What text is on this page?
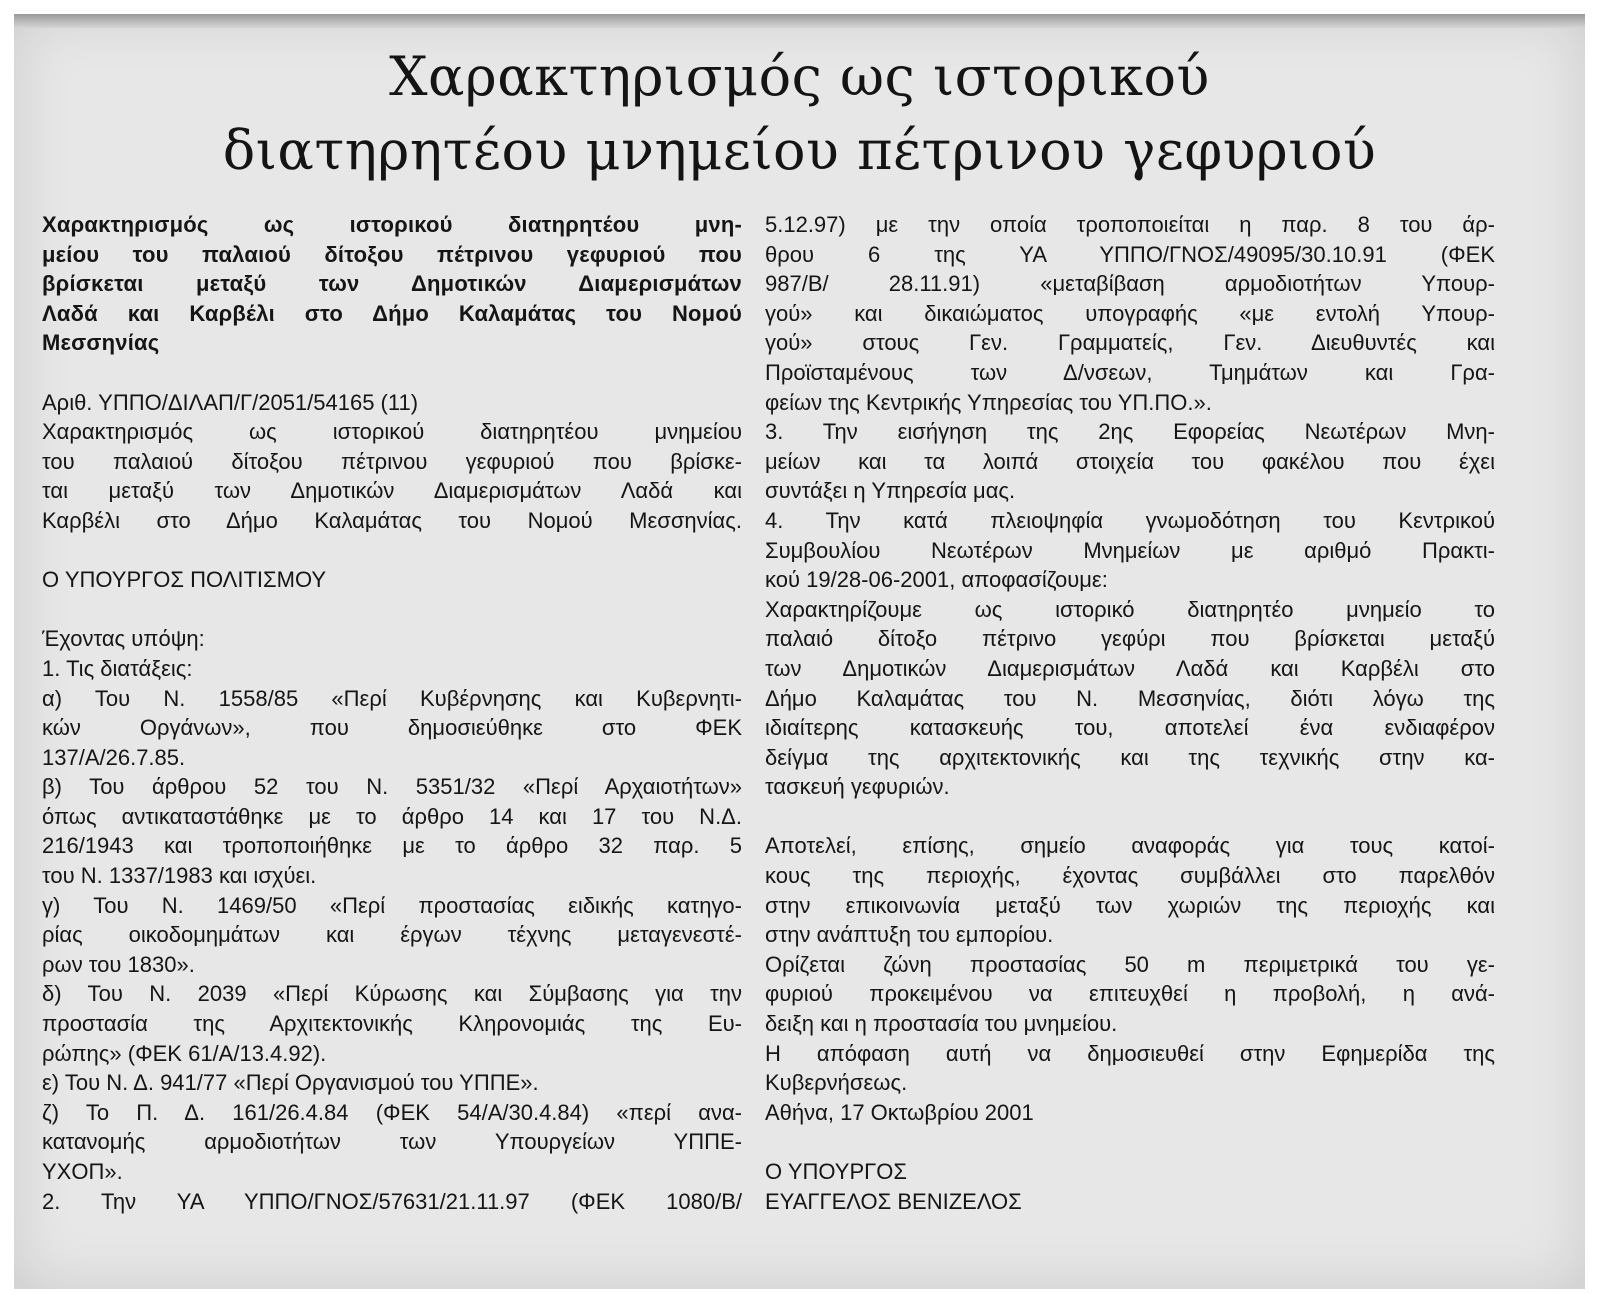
Χαρακτηρισμός ως ιστορικού
διατηρητέου μνημείου πέτρινου γεφυριού
Χαρακτηρισμός ως ιστορικού διατηρητέου μνη-
μείου του παλαιού δίτοξου πέτρινου γεφυριού που
βρίσκεται μεταξύ των Δημοτικών Διαμερισμάτων
Λαδά και Καρβέλι στο Δήμο Καλαμάτας του Νομού
Μεσσηνίας
Αριθ. ΥΠΠΟ/ΔΙΛΑΠ/Γ/2051/54165 (11)
Χαρακτηρισμός ως ιστορικού διατηρητέου μνημείου
του παλαιού δίτοξου πέτρινου γεφυριού που βρίσκε-
ται μεταξύ των Δημοτικών Διαμερισμάτων Λαδά και
Καρβέλι στο Δήμο Καλαμάτας του Νομού Μεσσηνίας.
Ο ΥΠΟΥΡΓΟΣ ΠΟΛΙΤΙΣΜΟΥ
Έχοντας υπόψη:
1. Τις διατάξεις:
α) Του Ν. 1558/85 «Περί Κυβέρνησης και Κυβερνητι-
κών Οργάνων», που δημοσιεύθηκε στο ΦΕΚ
137/Α/26.7.85.
β) Του άρθρου 52 του Ν. 5351/32 «Περί Αρχαιοτήτων»
όπως αντικαταστάθηκε με το άρθρο 14 και 17 του Ν.Δ.
216/1943 και τροποποιήθηκε με το άρθρο 32 παρ. 5
του Ν. 1337/1983 και ισχύει.
γ) Του Ν. 1469/50 «Περί προστασίας ειδικής κατηγο-
ρίας οικοδομημάτων και έργων τέχνης μεταγενεστέ-
ρων του 1830».
δ) Του Ν. 2039 «Περί Κύρωσης και Σύμβασης για την
προστασία της Αρχιτεκτονικής Κληρονομιάς της Ευ-
ρώπης» (ΦΕΚ 61/Α/13.4.92).
ε) Του Ν. Δ. 941/77 «Περί Οργανισμού του ΥΠΠΕ».
ζ) Το Π. Δ. 161/26.4.84 (ΦΕΚ 54/Α/30.4.84) «περί ανα-
κατανομής αρμοδιοτήτων των Υπουργείων ΥΠΠΕ-
ΥΧΟΠ».
2. Την ΥΑ ΥΠΠΟ/ΓΝΟΣ/57631/21.11.97 (ΦΕΚ 1080/Β/
5.12.97) με την οποία τροποποιείται η παρ. 8 του άρ-
θρου 6 της ΥΑ ΥΠΠΟ/ΓΝΟΣ/49095/30.10.91 (ΦΕΚ
987/Β/ 28.11.91) «μεταβίβαση αρμοδιοτήτων Υπουρ-
γού» και δικαιώματος υπογραφής «με εντολή Υπουρ-
γού» στους Γεν. Γραμματείς, Γεν. Διευθυντές και
Προϊσταμένους των Δ/νσεων, Τμημάτων και Γρα-
φείων της Κεντρικής Υπηρεσίας του ΥΠ.ΠΟ.».
3. Την εισήγηση της 2ης Εφορείας Νεωτέρων Μνη-
μείων και τα λοιπά στοιχεία του φακέλου που έχει
συντάξει η Υπηρεσία μας.
4. Την κατά πλειοψηφία γνωμοδότηση του Κεντρικού
Συμβουλίου Νεωτέρων Μνημείων με αριθμό Πρακτι-
κού 19/28-06-2001, αποφασίζουμε:
Χαρακτηρίζουμε ως ιστορικό διατηρητέο μνημείο το
παλαιό δίτοξο πέτρινο γεφύρι που βρίσκεται μεταξύ
των Δημοτικών Διαμερισμάτων Λαδά και Καρβέλι στο
Δήμο Καλαμάτας του Ν. Μεσσηνίας, διότι λόγω της
ιδιαίτερης κατασκευής του, αποτελεί ένα ενδιαφέρον
δείγμα της αρχιτεκτονικής και της τεχνικής στην κα-
τασκευή γεφυριών.
Αποτελεί, επίσης, σημείο αναφοράς για τους κατοί-
κους της περιοχής, έχοντας συμβάλλει στο παρελθόν
στην επικοινωνία μεταξύ των χωριών της περιοχής και
στην ανάπτυξη του εμπορίου.
Ορίζεται ζώνη προστασίας 50 m περιμετρικά του γε-
φυριού προκειμένου να επιτευχθεί η προβολή, η ανά-
δειξη και η προστασία του μνημείου.
Η απόφαση αυτή να δημοσιευθεί στην Εφημερίδα της
Κυβερνήσεως.
Αθήνα, 17 Οκτωβρίου 2001
Ο ΥΠΟΥΡΓΟΣ
ΕΥΑΓΓΕΛΟΣ ΒΕΝΙΖΕΛΟΣ
